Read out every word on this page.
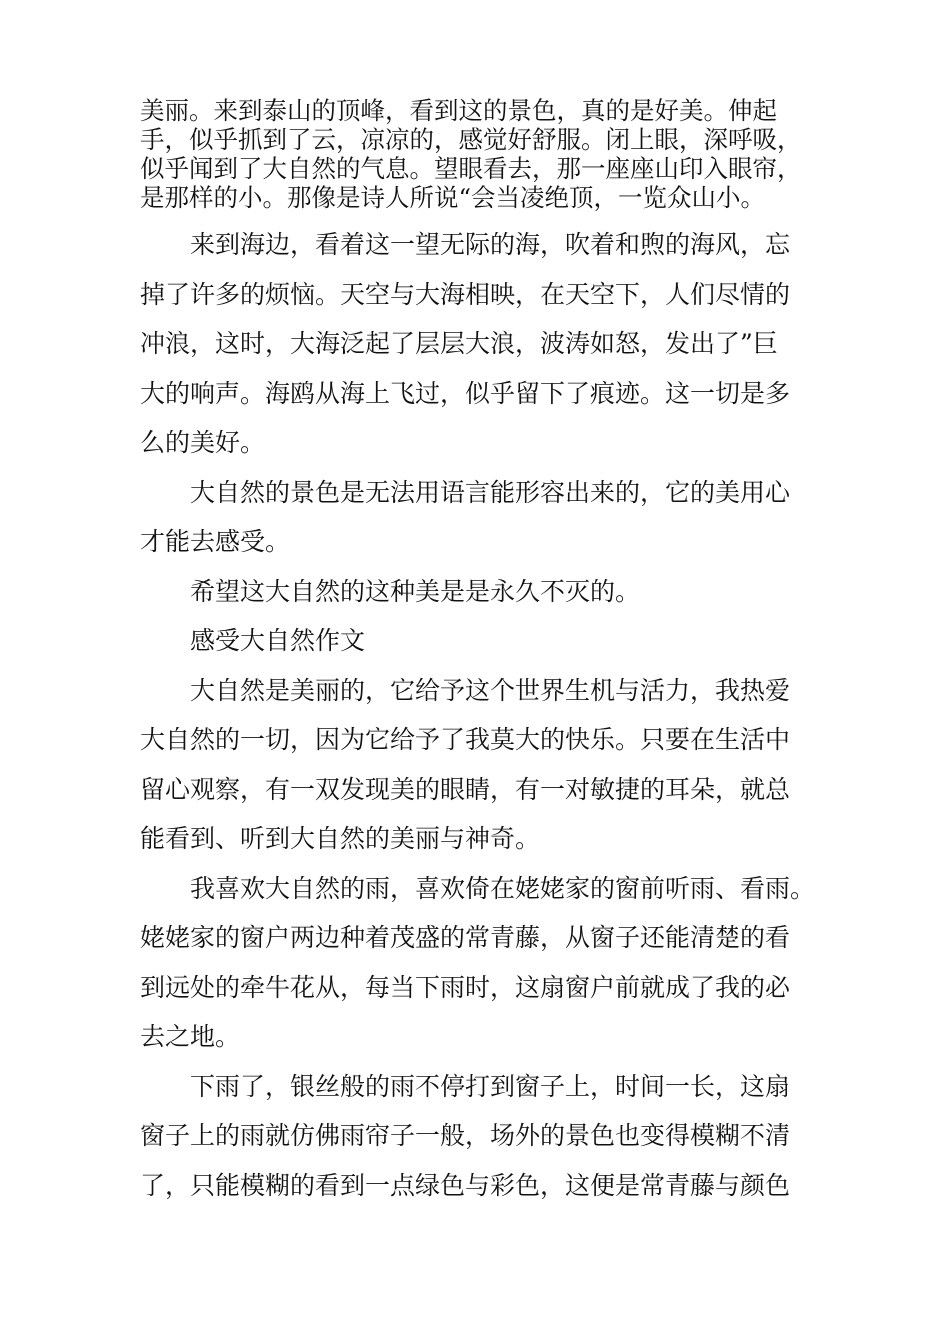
美丽。来到泰山的顶峰，看到这的景色，真的是好美。伸起
手，似乎抓到了云，凉凉的，感觉好舒服。闭上眼，深呼吸，
似乎闻到了大自然的气息。望眼看去，那一座座山印入眼帘，
是那样的小。那像是诗人所说“会当凌绝顶，一览众山小。

来到海边，看着这一望无际的海，吹着和煦的海风，忘
掉了许多的烦恼。天空与大海相映，在天空下，人们尽情的
冲浪，这时，大海泛起了层层大浪，波涛如怒，发出了”巨
大的响声。海鸥从海上飞过，似乎留下了痕迹。这一切是多
么的美好。

大自然的景色是无法用语言能形容出来的，它的美用心
才能去感受。

希望这大自然的这种美是是永久不灭的。

感受大自然作文

大自然是美丽的，它给予这个世界生机与活力，我热爱
大自然的一切，因为它给予了我莫大的快乐。只要在生活中
留心观察，有一双发现美的眼睛，有一对敏捷的耳朵，就总
能看到、听到大自然的美丽与神奇。

我喜欢大自然的雨，喜欢倚在姥姥家的窗前听雨、看雨。
姥姥家的窗户两边种着茂盛的常青藤，从窗子还能清楚的看
到远处的牵牛花从，每当下雨时，这扇窗户前就成了我的必
去之地。

下雨了，银丝般的雨不停打到窗子上，时间一长，这扇
窗子上的雨就仿佛雨帘子一般，场外的景色也变得模糊不清
了，只能模糊的看到一点绿色与彩色，这便是常青藤与颜色
